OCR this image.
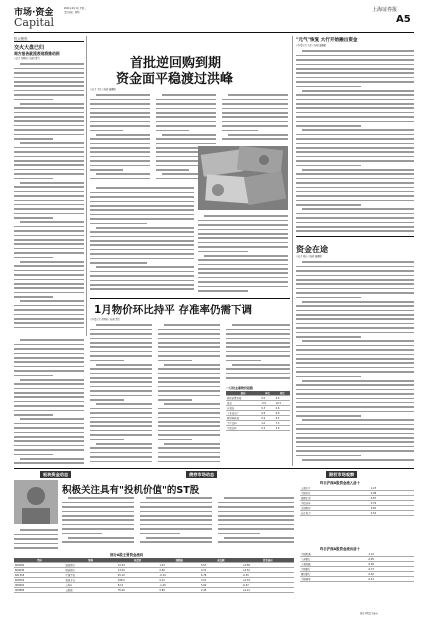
市场·资金
Capital
2011年2月1日 星期二
责任编辑：刘明	上海证券报
A5
热点聚焦
交火大盘已归
周方报告就流表现将推动到
○记者 张晓霞 ○编辑 曹力	首批逆回购到期
资金面平稳渡过洪峰
○记者 王晶 ○编辑 晏耀斌
"元气"恢复 大行开始融出资金
○本报记者 王晶 ○编辑 晏耀斌
1月物价环比持平 存准率仍需下调
○本报记者 张晓霞 ○编辑 曹力
一月份主要物价指数
指标	环比	同比
居民消费价格	0.0	4.9
食品	-0.5	10.3
非食品	0.3	2.6
工业品出厂	0.8	6.6
原材料购进	0.9	9.5
生产资料	1.0	7.3
生活资料	0.3	3.9
资金在途
○记者 刘兵 ○编辑 晏耀斌
板块资金动态	债券市场动态	期权市场观察
积极关注具有"投机价值"的ST股
部分A股主要资金流向
代码	简称	收盘价	涨跌幅	成交额	资金流向
600000	浦发银行	12.34	1.23	5.67	+0.89
600036	招商银行	13.20	0.56	4.31	+0.52
601318	中国平安	45.10	-0.34	6.78	-0.45
600519	贵州茅台	188.0	0.12	3.21	+0.33
000002	万科A	8.12	-1.20	5.90	-0.67
000858	五粮液	35.40	0.89	2.45	+0.21
昨日沪深A股资金流入前十
上海汽车	1.23
中国石化	0.98
海螺水泥	0.87
中信证券	0.76
宝钢股份	0.65
长江电力	0.54
昨日沪深A股资金流出前十
中国联通	-1.12
工商银行	-0.95
大秦铁路	-0.84
中国银行	-0.73
建设银行	-0.62
中国神华	-0.51
游资·A股资金流向
